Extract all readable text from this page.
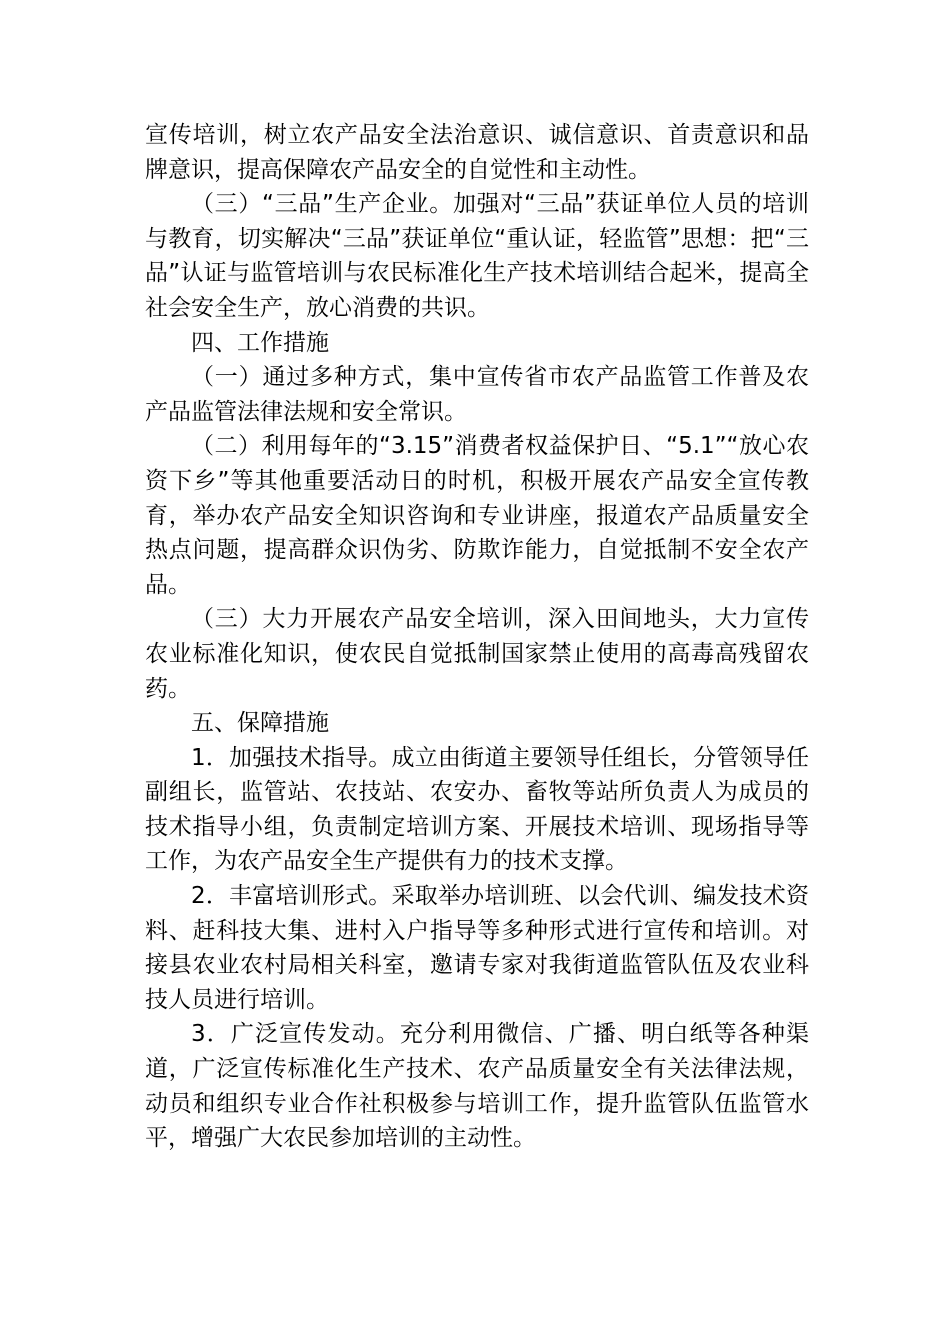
宣传培训，树立农产品安全法治意识、诚信意识、首责意识和品牌意识，提高保障农产品安全的自觉性和主动性。

（三）“三品”生产企业。加强对“三品”获证单位人员的培训与教育，切实解决“三品”获证单位“重认证，轻监管”思想：把“三品”认证与监管培训与农民标准化生产技术培训结合起米，提高全社会安全生产，放心消费的共识。

四、工作措施

（一）通过多种方式，集中宣传省市农产品监管工作普及农产品监管法律法规和安全常识。

（二）利用每年的“3.15”消费者权益保护日、“5.1”“放心农资下乡”等其他重要活动日的时机，积极开展农产品安全宣传教育，举办农产品安全知识咨询和专业讲座，报道农产品质量安全热点问题，提高群众识伪劣、防欺诈能力，自觉抵制不安全农产品。

（三）大力开展农产品安全培训，深入田间地头，大力宣传农业标准化知识，使农民自觉抵制国家禁止使用的高毒高残留农药。

五、保障措施

1．加强技术指导。成立由街道主要领导任组长，分管领导任副组长，监管站、农技站、农安办、畜牧等站所负责人为成员的技术指导小组，负责制定培训方案、开展技术培训、现场指导等工作，为农产品安全生产提供有力的技术支撑。

2．丰富培训形式。采取举办培训班、以会代训、编发技术资料、赶科技大集、进村入户指导等多种形式进行宣传和培训。对接县农业农村局相关科室，邀请专家对我街道监管队伍及农业科技人员进行培训。

3．广泛宣传发动。充分利用微信、广播、明白纸等各种渠道，广泛宣传标准化生产技术、农产品质量安全有关法律法规，动员和组织专业合作社积极参与培训工作，提升监管队伍监管水平，增强广大农民参加培训的主动性。
